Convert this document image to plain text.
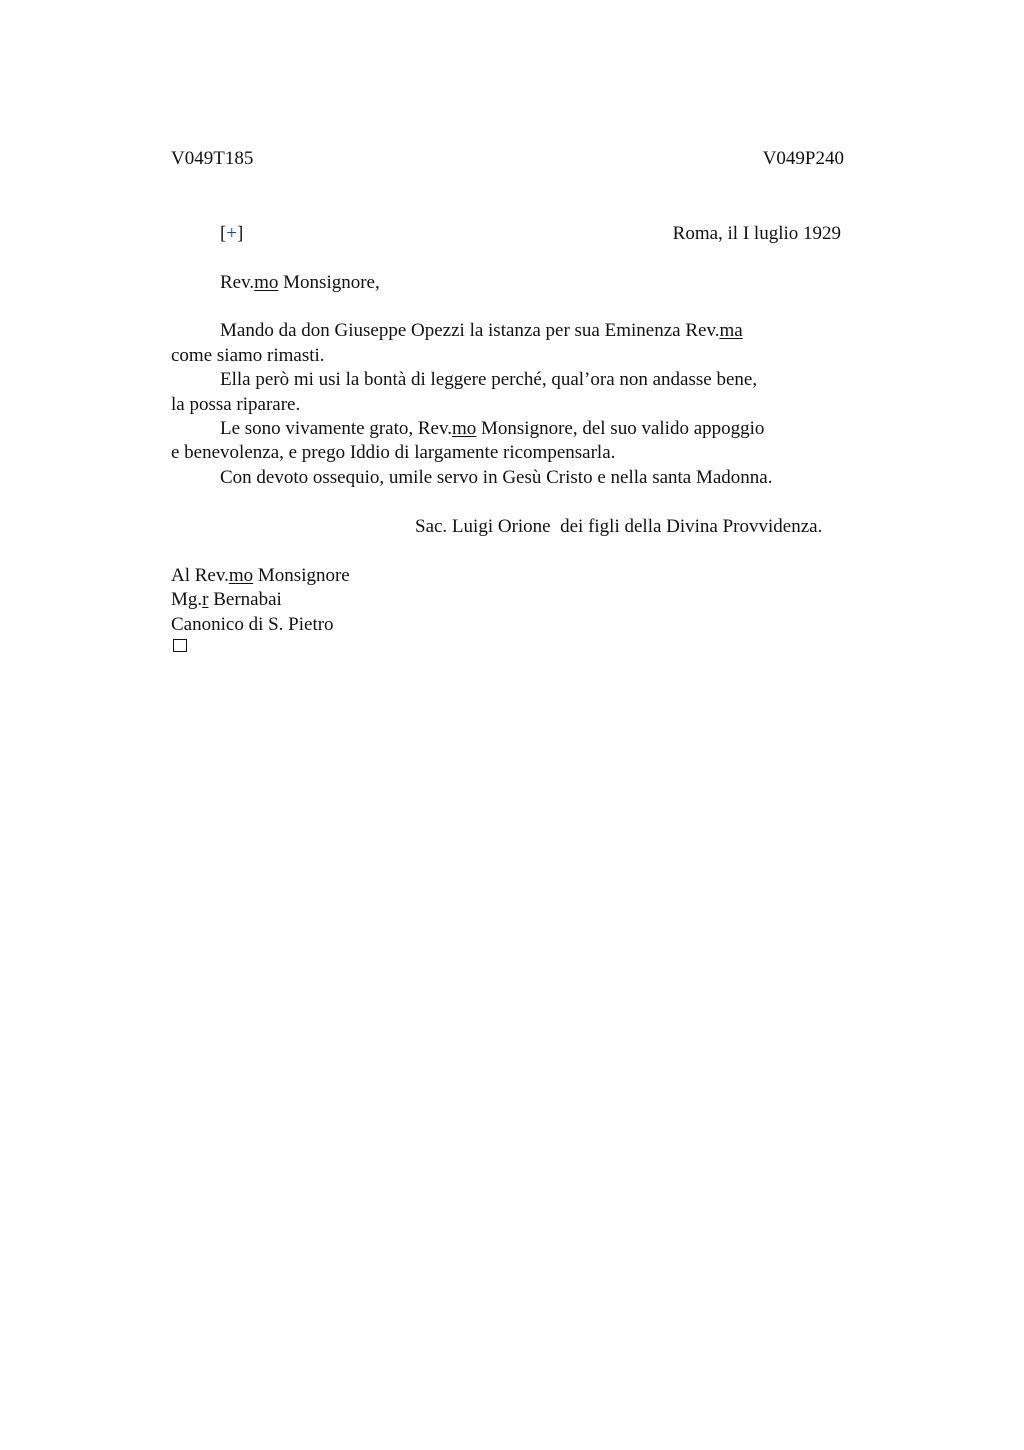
V049T185	V049P240
[+]	Roma, il I luglio 1929
Rev.mo Monsignore,
Mando da don Giuseppe Opezzi la istanza per sua Eminenza Rev.ma
come siamo rimasti.
Ella però mi usi la bontà di leggere perché, qual’ora non andasse bene,
la possa riparare.
Le sono vivamente grato, Rev.mo Monsignore, del suo valido appoggio
e benevolenza, e prego Iddio di largamente ricompensarla.
Con devoto ossequio, umile servo in Gesù Cristo e nella santa Madonna.
Sac. Luigi Orione  dei figli della Divina Provvidenza.
Al Rev.mo Monsignore
Mg.r Bernabai
Canonico di S. Pietro
